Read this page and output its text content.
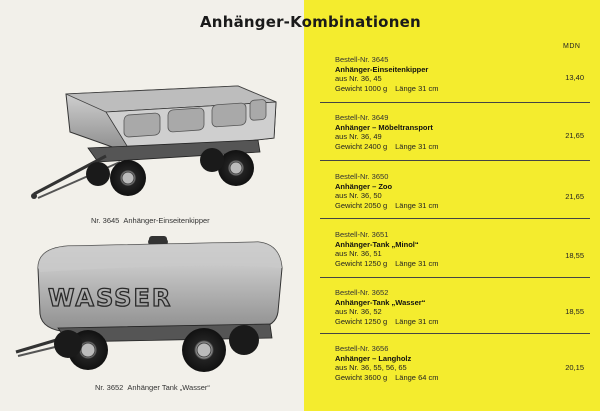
Anhänger-Kombinationen
MDN
Nr. 3645 Anhänger-Einseitenkipper
WASSER
Nr. 3652 Anhänger Tank „Wasser“
Bestell-Nr. 3645
Anhänger-Einseitenkipper
aus Nr. 36, 45
Gewicht 1000 g Länge 31 cm
13,40
Bestell-Nr. 3649
Anhänger – Möbeltransport
aus Nr. 36, 49
Gewicht 2400 g Länge 31 cm
21,65
Bestell-Nr. 3650
Anhänger – Zoo
aus Nr. 36, 50
Gewicht 2050 g Länge 31 cm
21,65
Bestell-Nr. 3651
Anhänger-Tank „Minol“
aus Nr. 36, 51
Gewicht 1250 g Länge 31 cm
18,55
Bestell-Nr. 3652
Anhänger-Tank „Wasser“
aus Nr. 36, 52
Gewicht 1250 g Länge 31 cm
18,55
Bestell-Nr. 3656
Anhänger – Langholz
aus Nr. 36, 55, 56, 65
Gewicht 3600 g Länge 64 cm
20,15
